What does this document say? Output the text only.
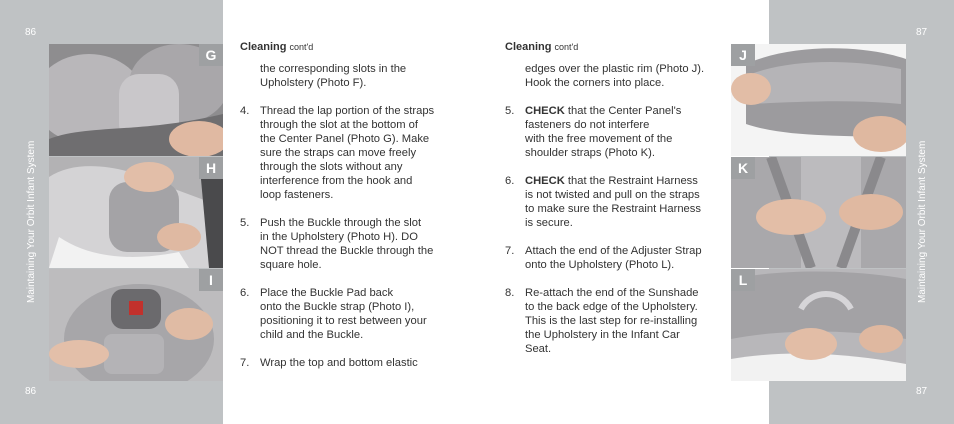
86
86
87
87
Maintaining Your Orbit Infant System	Maintaining Your Orbit Infant System
G
H
I
J
K
L
Cleaning cont'd
the corresponding slots in the
Upholstery (Photo F).
4. Thread the lap portion of the straps
through the slot at the bottom of
the Center Panel (Photo G). Make
sure the straps can move freely
through the slots without any
interference from the hook and
loop fasteners.
5. Push the Buckle through the slot
in the Upholstery (Photo H). DO
NOT thread the Buckle through the
square hole.
6. Place the Buckle Pad back
onto the Buckle strap (Photo I),
positioning it to rest between your
child and the Buckle.
7. Wrap the top and bottom elastic
Cleaning cont'd
edges over the plastic rim (Photo J).
Hook the corners into place.
5. CHECK that the Center Panel's
fasteners do not interfere
with the free movement of the
shoulder straps (Photo K).
6. CHECK that the Restraint Harness
is not twisted and pull on the straps
to make sure the Restraint Harness
is secure.
7. Attach the end of the Adjuster Strap
onto the Upholstery (Photo L).
8. Re-attach the end of the Sunshade
to the back edge of the Upholstery.
This is the last step for re-installing
the Upholstery in the Infant Car
Seat.
